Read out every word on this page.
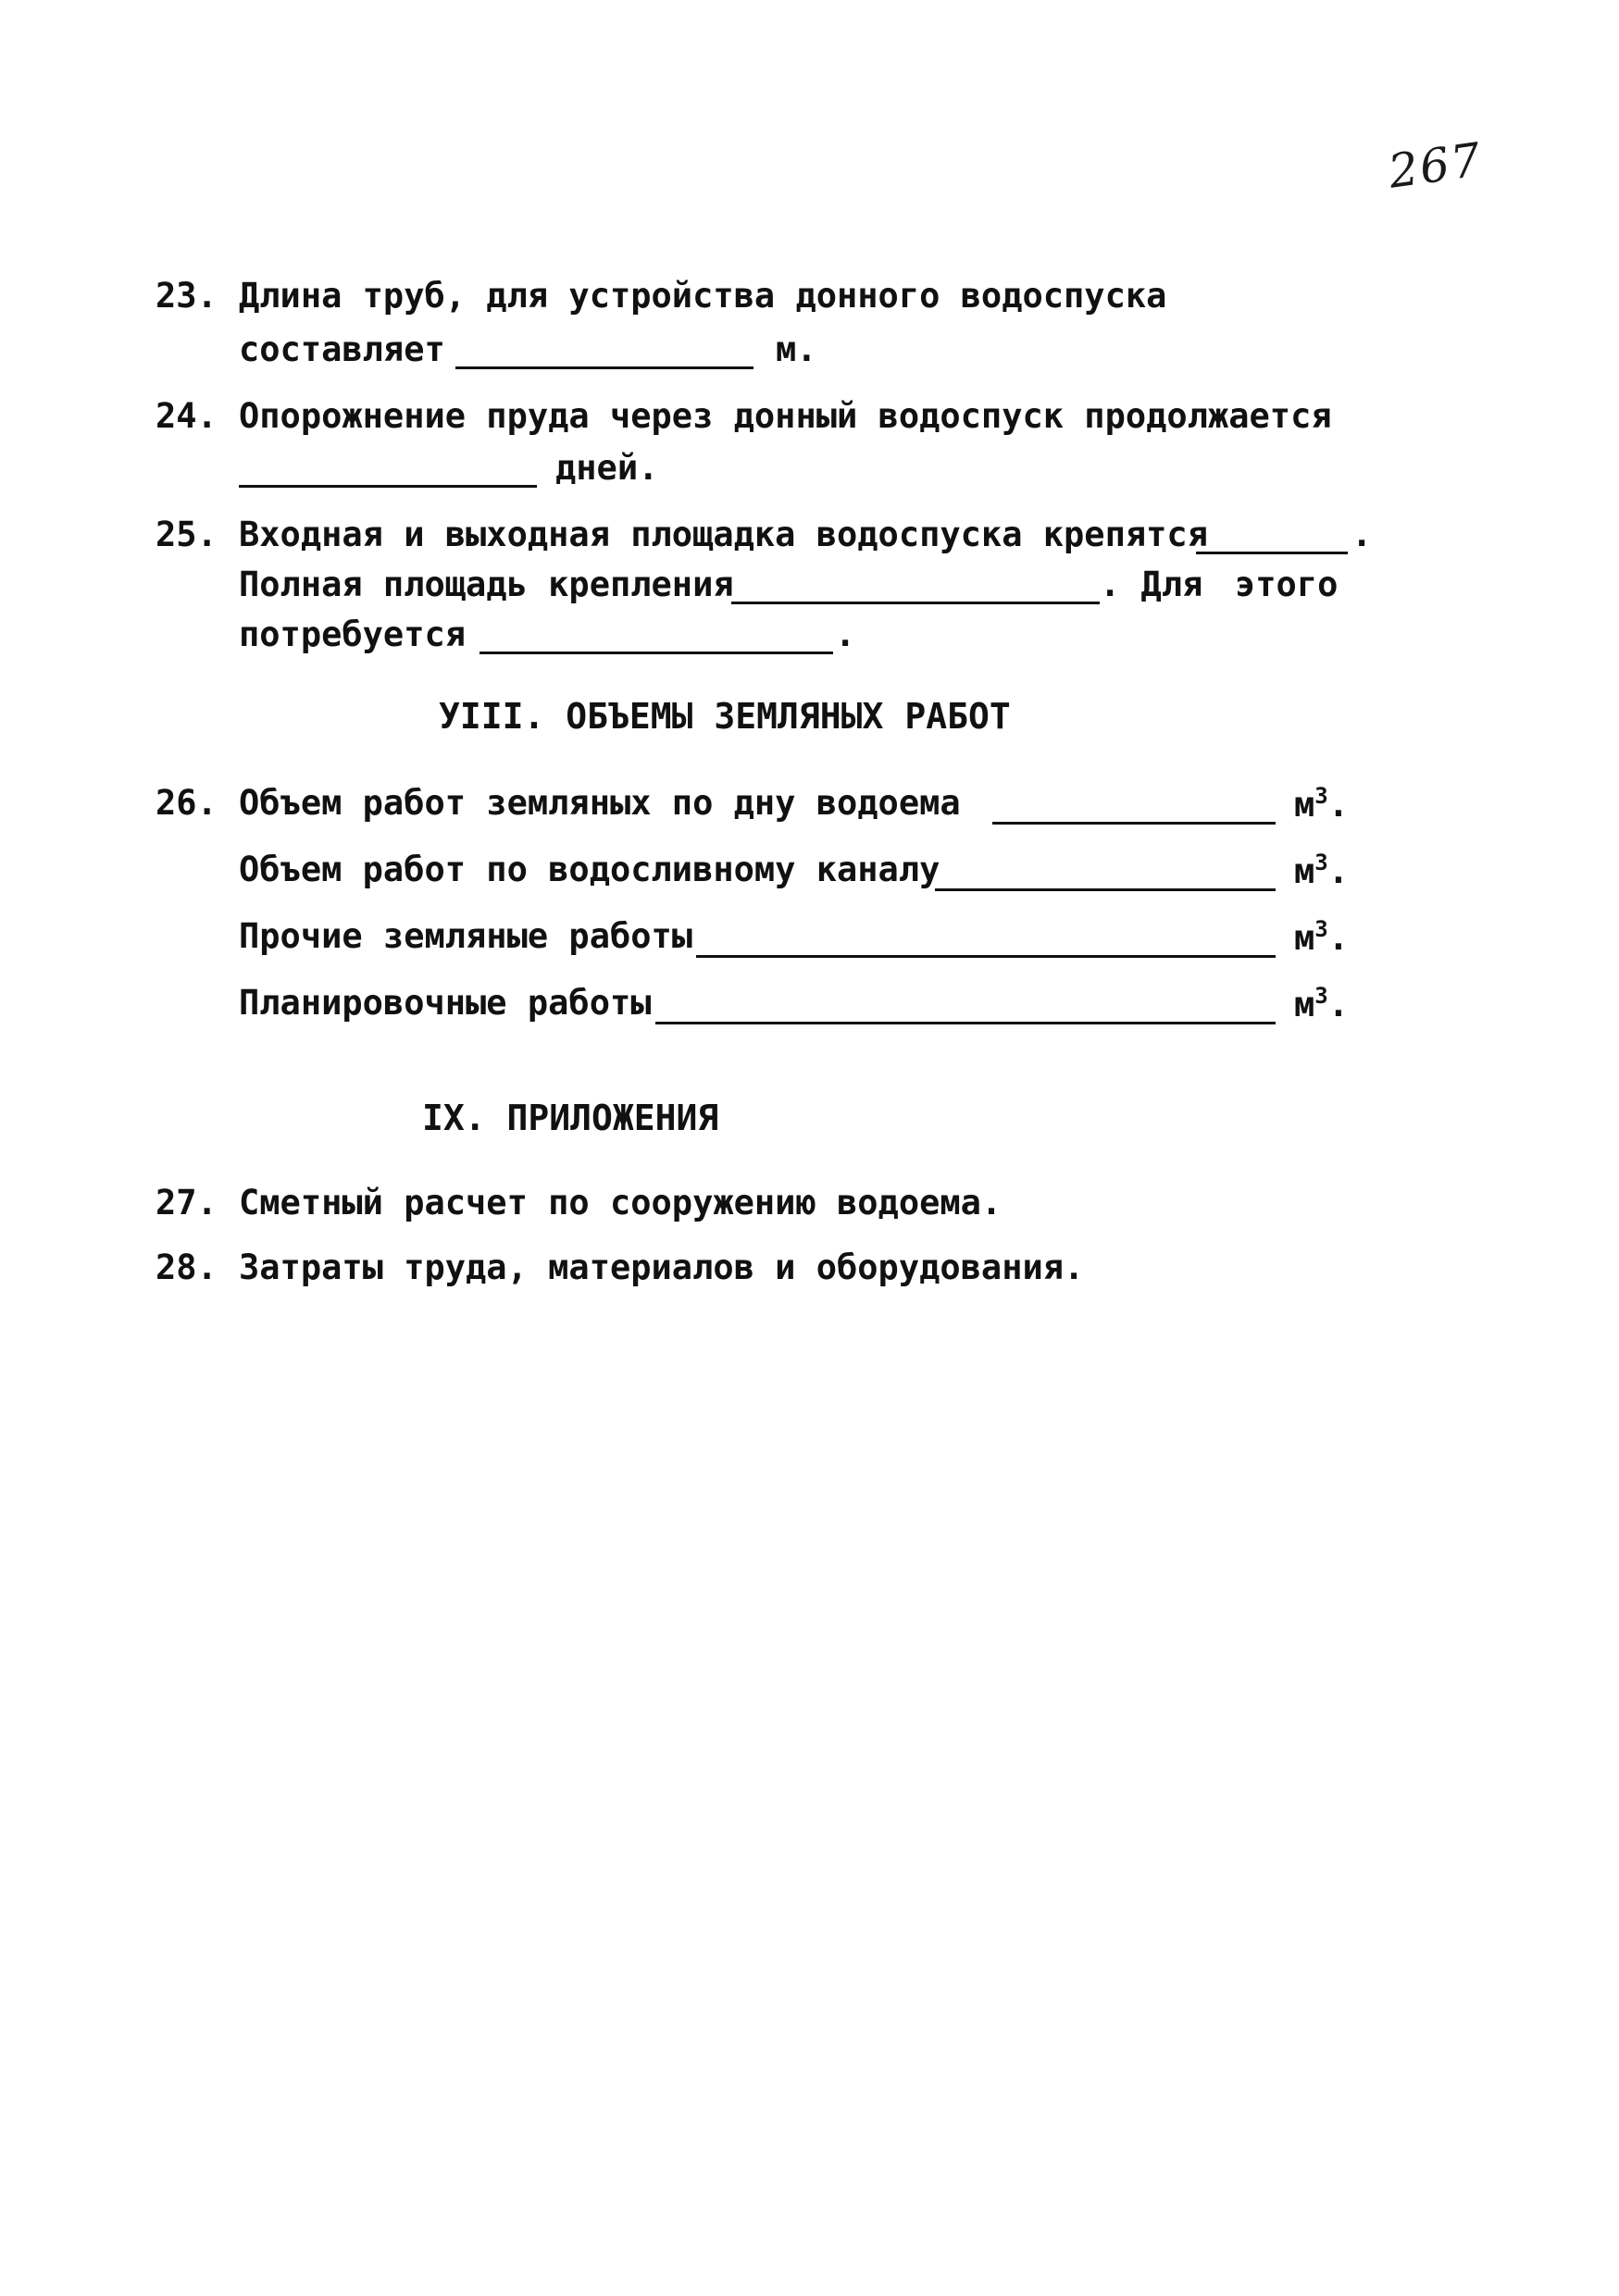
267
23. Длина труб, для устройства донного водоспуска
составляет	м.
24. Опорожнение пруда через донный водоспуск продолжается
дней.
25. Входная и выходная площадка водоспуска крепятся	.
Полная площадь крепления	. Для этого
потребуется	.
УIII. ОБЪЕМЫ ЗЕМЛЯНЫХ РАБОТ
26. Объем работ земляных по дну водоема	$м^3$.
Объем работ по водосливному каналу	$м^3$.
Прочие земляные работы	$м^3$.
Планировочные работы	$м^3$.
IX. ПРИЛОЖЕНИЯ
27. Сметный расчет по сооружению водоема.
28. Затраты труда, материалов и оборудования.
